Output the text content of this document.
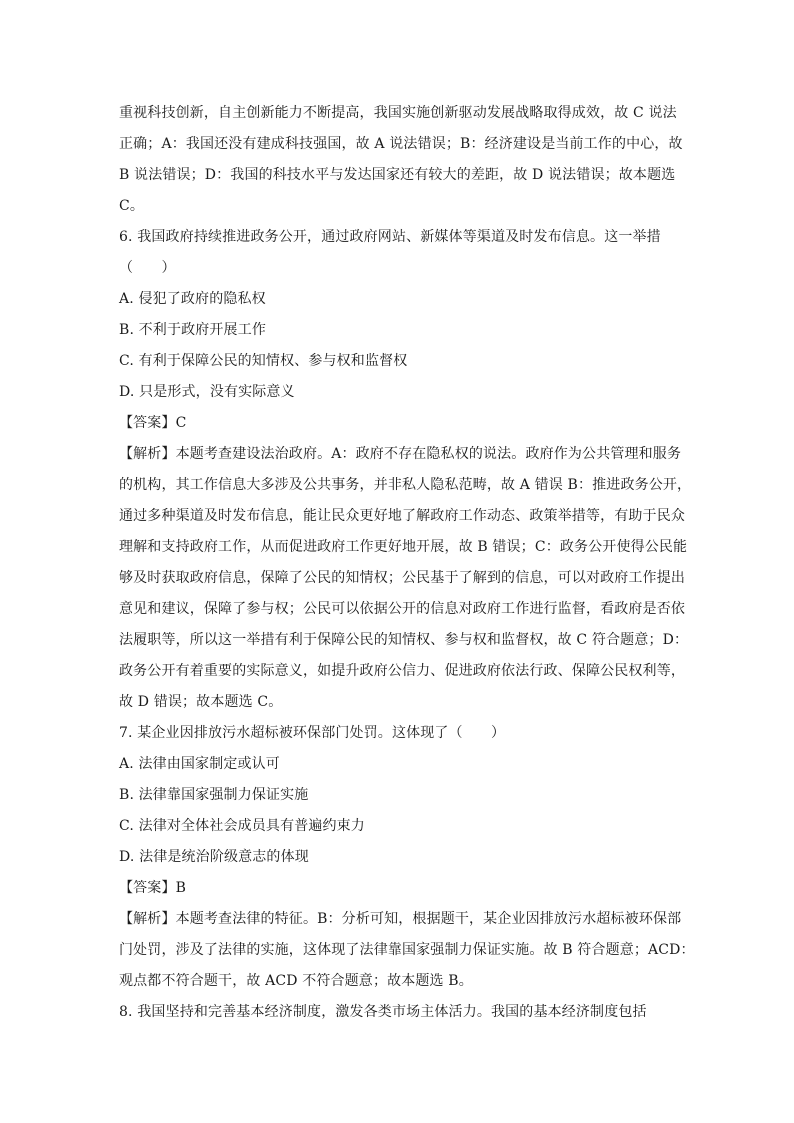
重视科技创新，自主创新能力不断提高，我国实施创新驱动发展战略取得成效，故 C 说法
正确；A：我国还没有建成科技强国，故 A 说法错误；B：经济建设是当前工作的中心，故
B 说法错误；D：我国的科技水平与发达国家还有较大的差距，故 D 说法错误；故本题选
C。
6. 我国政府持续推进政务公开，通过政府网站、新媒体等渠道及时发布信息。这一举措
（　　）
A. 侵犯了政府的隐私权
B. 不利于政府开展工作
C. 有利于保障公民的知情权、参与权和监督权
D. 只是形式，没有实际意义
【答案】C
【解析】本题考查建设法治政府。A：政府不存在隐私权的说法。政府作为公共管理和服务
的机构，其工作信息大多涉及公共事务，并非私人隐私范畴，故 A 错误 B：推进政务公开，
通过多种渠道及时发布信息，能让民众更好地了解政府工作动态、政策举措等，有助于民众
理解和支持政府工作，从而促进政府工作更好地开展，故 B 错误；C：政务公开使得公民能
够及时获取政府信息，保障了公民的知情权；公民基于了解到的信息，可以对政府工作提出
意见和建议，保障了参与权；公民可以依据公开的信息对政府工作进行监督，看政府是否依
法履职等，所以这一举措有利于保障公民的知情权、参与权和监督权，故 C 符合题意；D：
政务公开有着重要的实际意义，如提升政府公信力、促进政府依法行政、保障公民权利等，
故 D 错误；故本题选 C。
7. 某企业因排放污水超标被环保部门处罚。这体现了（　　）
A. 法律由国家制定或认可
B. 法律靠国家强制力保证实施
C. 法律对全体社会成员具有普遍约束力
D. 法律是统治阶级意志的体现
【答案】B
【解析】本题考查法律的特征。B：分析可知，根据题干，某企业因排放污水超标被环保部
门处罚，涉及了法律的实施，这体现了法律靠国家强制力保证实施。故 B 符合题意；ACD：
观点都不符合题干，故 ACD 不符合题意；故本题选 B。
8. 我国坚持和完善基本经济制度，激发各类市场主体活力。我国的基本经济制度包括
